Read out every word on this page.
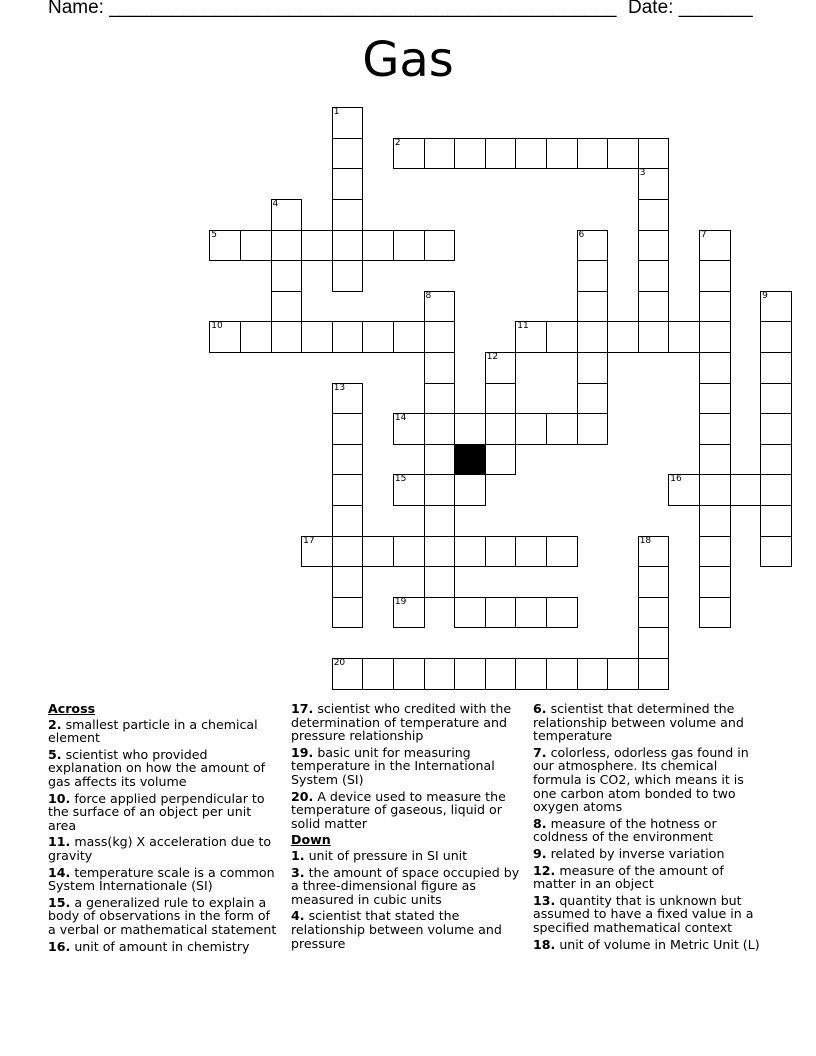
Name: ________________________________________________ Date: _______
Gas
1
2
3
4
5	6	7
8	9
10	11
12
13
14
15	16
17	18
19
20
Across
2. smallest particle in a chemical element
5. scientist who provided explanation on how the amount of gas affects its volume
10. force applied perpendicular to the surface of an object per unit area
11. mass(kg) X acceleration due to gravity
14. temperature scale is a common System Internationale (SI)
15. a generalized rule to explain a body of observations in the form of a verbal or mathematical statement
16. unit of amount in chemistry
17. scientist who credited with the determination of temperature and pressure relationship
19. basic unit for measuring temperature in the International System (SI)
20. A device used to measure the temperature of gaseous, liquid or solid matter
Down
1. unit of pressure in SI unit
3. the amount of space occupied by a three-dimensional figure as measured in cubic units
4. scientist that stated the relationship between volume and pressure
6. scientist that determined the relationship between volume and temperature
7. colorless, odorless gas found in our atmosphere. Its chemical formula is CO2, which means it is one carbon atom bonded to two oxygen atoms
8. measure of the hotness or coldness of the environment
9. related by inverse variation
12. measure of the amount of matter in an object
13. quantity that is unknown but assumed to have a fixed value in a specified mathematical context
18. unit of volume in Metric Unit (L)
